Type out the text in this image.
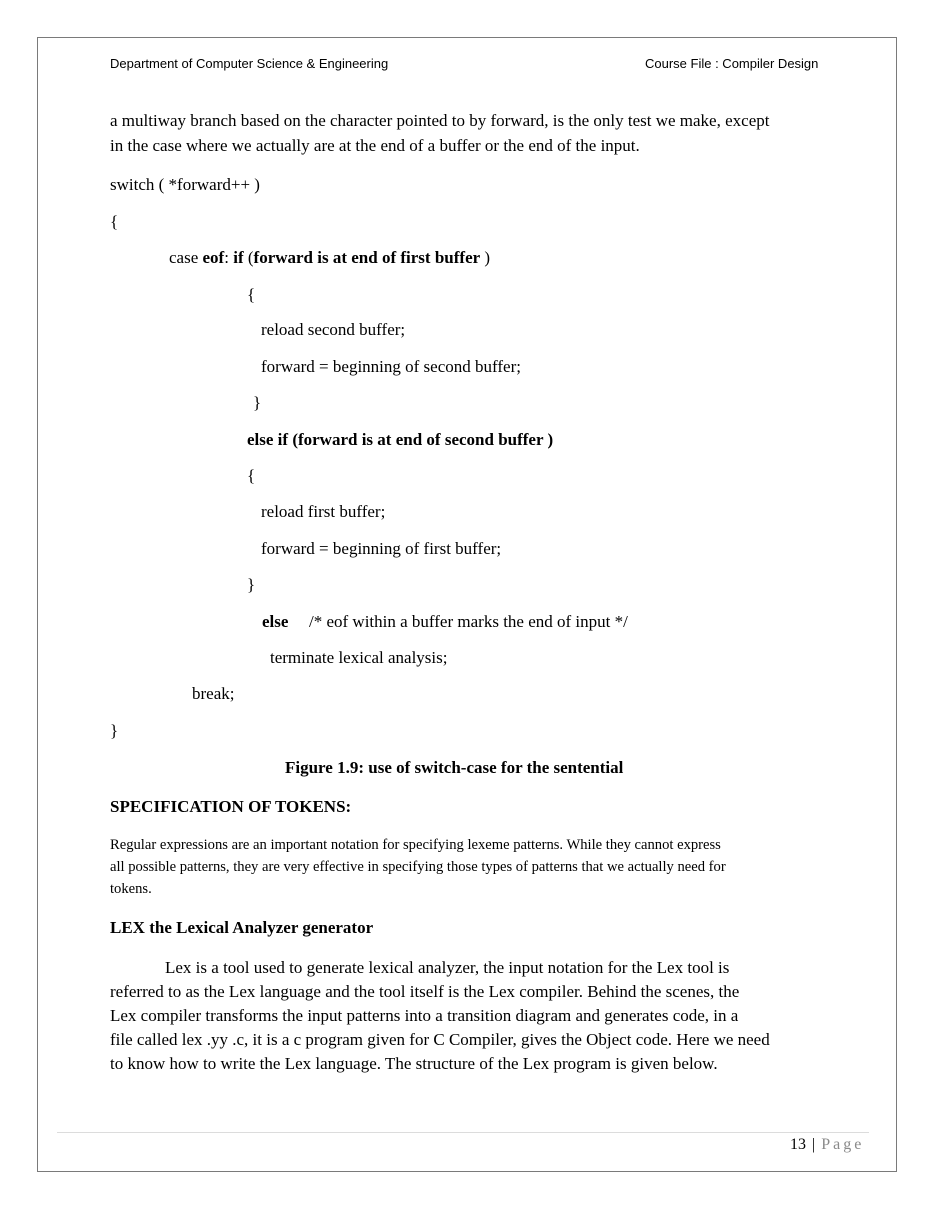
Department of Computer Science & Engineering	Course File : Compiler Design
a multiway branch based on the character pointed to by forward, is the only test we make, except
in the case where we actually are at the end of a buffer or the end of the input.
switch ( *forward++ )
{
case eof: if (forward is at end of first buffer )
{
reload second buffer;
forward = beginning of second buffer;
}
else if (forward is at end of second buffer )
{
reload first buffer;
forward = beginning of first buffer;
}
else /* eof within a buffer marks the end of input */
terminate lexical analysis;
break;
}
Figure 1.9: use of switch-case for the sentential
SPECIFICATION OF TOKENS:
Regular expressions are an important notation for specifying lexeme patterns. While they cannot express
all possible patterns, they are very effective in specifying those types of patterns that we actually need for
tokens.
LEX the Lexical Analyzer generator
Lex is a tool used to generate lexical analyzer, the input notation for the Lex tool is
referred to as the Lex language and the tool itself is the Lex compiler. Behind the scenes, the
Lex compiler transforms the input patterns into a transition diagram and generates code, in a
file called lex .yy .c, it is a c program given for C Compiler, gives the Object code. Here we need
to know how to write the Lex language. The structure of the Lex program is given below.
13 | Page
